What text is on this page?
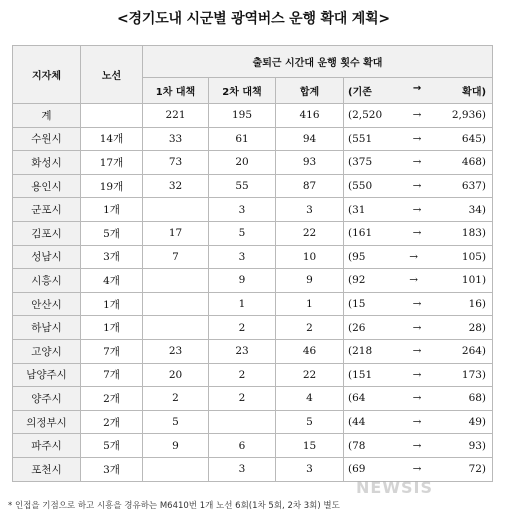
<경기도내 시군별 광역버스 운행 확대 계획>
지자체	노선	출퇴근 시간대 운행 횟수 확대			
		1차 대책	2차 대책	합계	(기존 → 확대)

계		221	195	416	(2,520 → 2,936)

수원시	14개	33	61	94	(551 → 645)

화성시	17개	73	20	93	(375 → 468)

용인시	19개	32	55	87	(550 → 637)

군포시	1개		3	3	(31 → 34)

김포시	5개	17	5	22	(161 → 183)

성남시	3개	7	3	10	(95 → 105)

시흥시	4개		9	9	(92 → 101)

안산시	1개		1	1	(15 → 16)

하남시	1개		2	2	(26 → 28)

고양시	7개	23	23	46	(218 → 264)

남양주시	7개	20	2	22	(151 → 173)

양주시	2개	2	2	4	(64 → 68)

의정부시	2개	5		5	(44 → 49)

파주시	5개	9	6	15	(78 → 93)

포천시	3개		3	3	(69 → 72)
NEWSIS
* 인접을 기점으로 하고 시흥을 경유하는 M6410번 1개 노선 6회(1차 5회, 2차 3회) 별도
